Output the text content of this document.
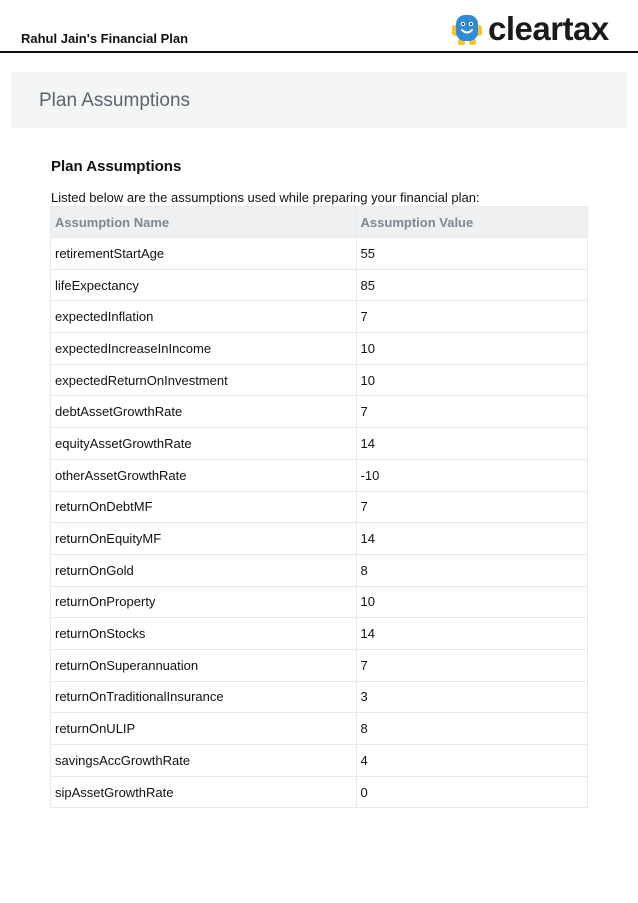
Rahul Jain's Financial Plan	cleartax
Plan Assumptions
Plan Assumptions
Listed below are the assumptions used while preparing your financial plan:
Assumption Name	Assumption Value
retirementStartAge	55
lifeExpectancy	85
expectedInflation	7
expectedIncreaseInIncome	10
expectedReturnOnInvestment	10
debtAssetGrowthRate	7
equityAssetGrowthRate	14
otherAssetGrowthRate	-10
returnOnDebtMF	7
returnOnEquityMF	14
returnOnGold	8
returnOnProperty	10
returnOnStocks	14
returnOnSuperannuation	7
returnOnTraditionalInsurance	3
returnOnULIP	8
savingsAccGrowthRate	4
sipAssetGrowthRate	0
